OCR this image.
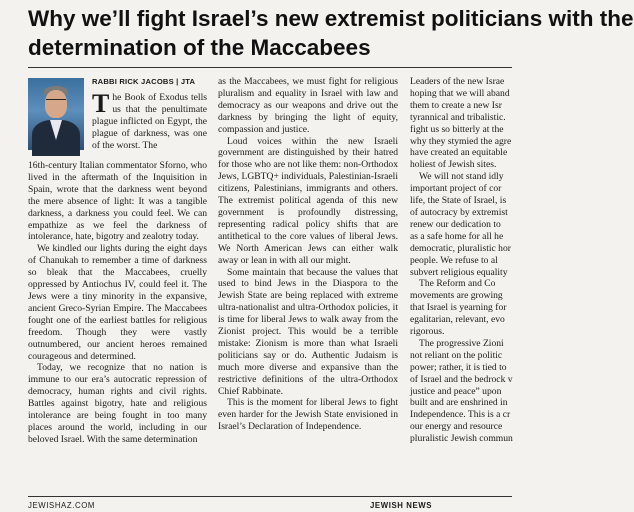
Why we’ll fight Israel’s new extremist politicians with the
determination of the Maccabees
RABBI RICK JACOBS | JTA
The Book of Exodus tells us that the penultimate plague inflicted on Egypt, the plague of darkness, was one of the worst. The

16th-century Italian commentator Sforno, who lived in the aftermath of the Inquisition in Spain, wrote that the darkness went beyond the mere absence of light: It was a tangible darkness, a darkness you could feel. We can empathize as we feel the darkness of intolerance, hate, bigotry and zealotry today.

We kindled our lights during the eight days of Chanukah to remember a time of darkness so bleak that the Maccabees, cruelly oppressed by Antiochus IV, could feel it. The Jews were a tiny minority in the expansive, ancient Greco-Syrian Empire. The Maccabees fought one of the earliest battles for religious freedom. Though they were vastly outnumbered, our ancient heroes remained courageous and determined.

Today, we recognize that no nation is immune to our era’s autocratic repression of democracy, human rights and civil rights. Battles against bigotry, hate and religious intolerance are being fought in too many places around the world, including in our beloved Israel. With the same determination

as the Maccabees, we must fight for religious pluralism and equality in Israel with law and democracy as our weapons and drive out the darkness by bringing the light of equity, compassion and justice.

Loud voices within the new Israeli government are distinguished by their hatred for those who are not like them: non-Orthodox Jews, LGBTQ+ individuals, Palestinian-Israeli citizens, Palestinians, immigrants and others. The extremist political agenda of this new government is profoundly distressing, representing radical policy shifts that are antithetical to the core values of liberal Jews. We North American Jews can either walk away or lean in with all our might.

Some maintain that because the values that used to bind Jews in the Diaspora to the Jewish State are being replaced with extreme ultra-nationalist and ultra-Orthodox policies, it is time for liberal Jews to walk away from the Zionist project. This would be a terrible mistake: Zionism is more than what Israeli politicians say or do. Authentic Judaism is much more diverse and expansive than the restrictive definitions of the ultra-Orthodox Chief Rabbinate.

This is the moment for liberal Jews to fight even harder for the Jewish State envisioned in Israel’s Declaration of Independence.

Leaders of the new Israe

hoping that we will aband

them to create a new Isr

tyrannical and tribalistic.

fight us so bitterly at the

why they stymied the agre

have created an equitable

holiest of Jewish sites.

We will not stand idly

important project of cor

life, the State of Israel, is

of autocracy by extremist

renew our dedication to

as a safe home for all he

democratic, pluralistic hor

people. We refuse to al

subvert religious equality

The Reform and Co

movements are growing

that Israel is yearning for

egalitarian, relevant, evo

rigorous.

The progressive Zioni

not reliant on the politic

power; rather, it is tied to

of Israel and the bedrock v

justice and peace” upon

built and are enshrined in

Independence. This is a cr

our energy and resource

pluralistic Jewish commun

JEWISHAZ.COM	JEWISH NEWS
